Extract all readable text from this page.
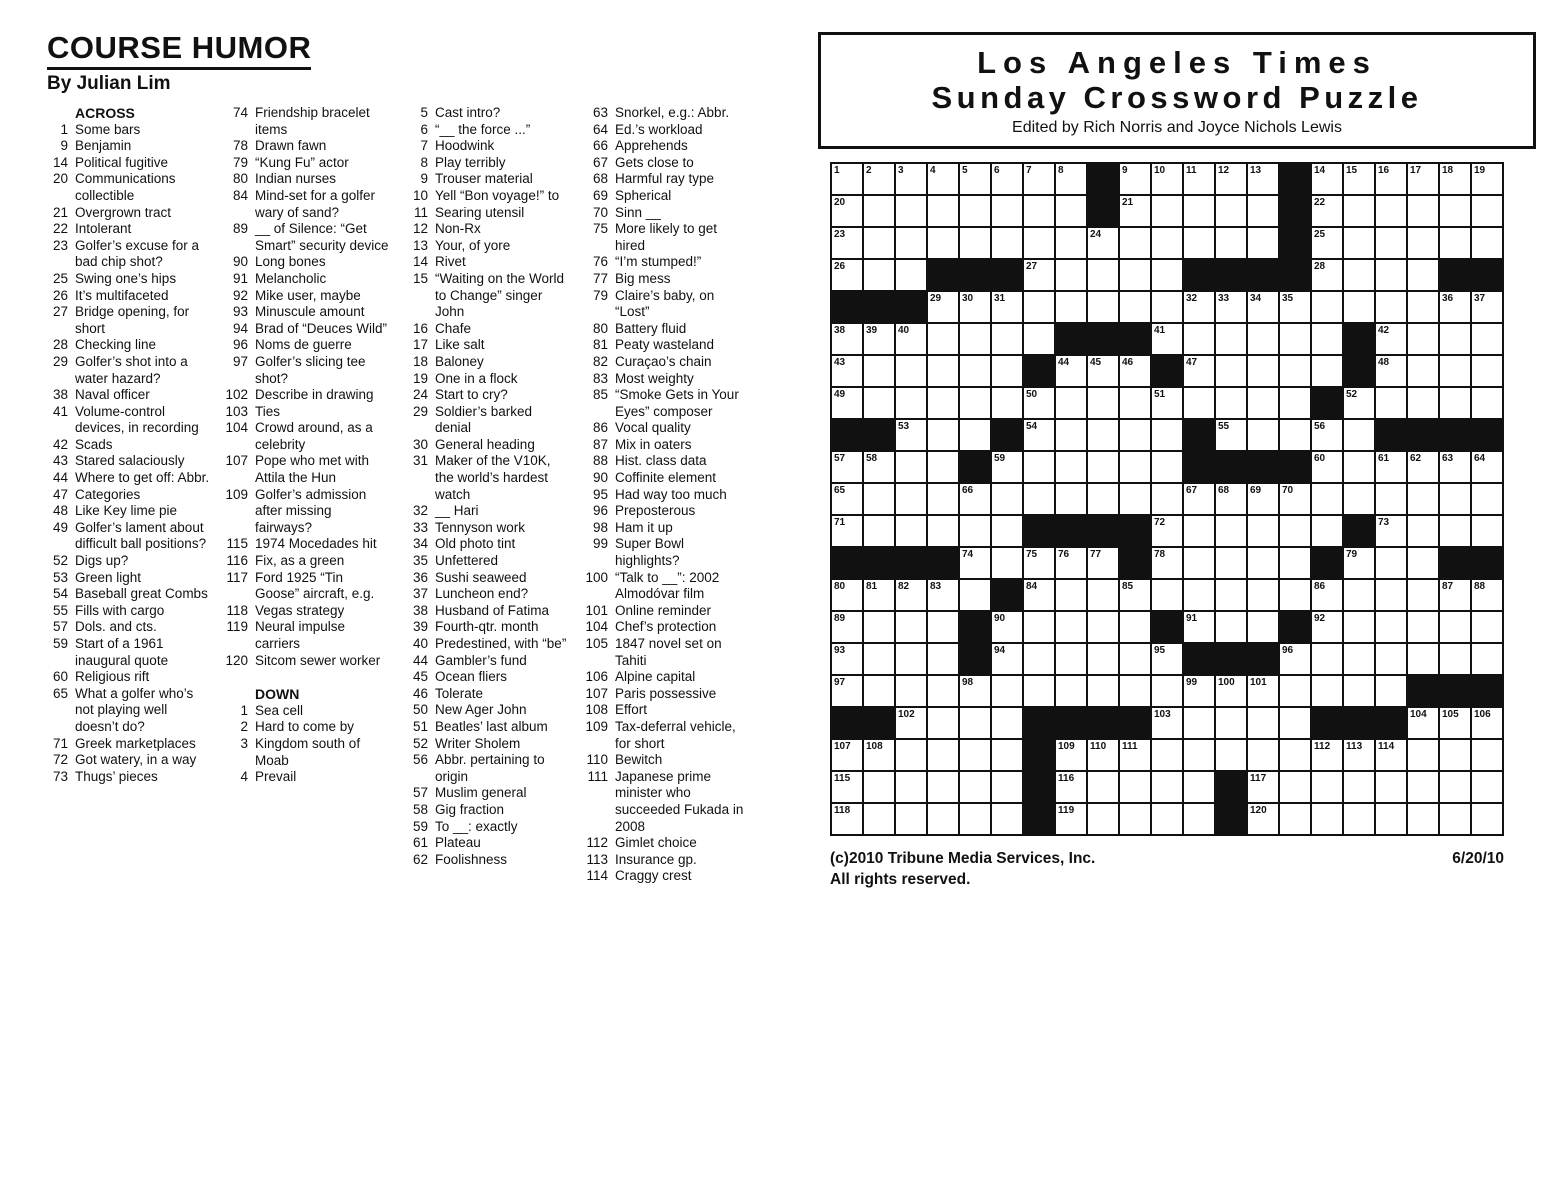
COURSE HUMOR
By Julian Lim
ACROSS
1 Some bars
9 Benjamin
14 Political fugitive
20 Communications collectible
21 Overgrown tract
22 Intolerant
23 Golfer’s excuse for a bad chip shot?
25 Swing one’s hips
26 It’s multifaceted
27 Bridge opening, for short
28 Checking line
29 Golfer’s shot into a water hazard?
38 Naval officer
41 Volume-control devices, in recording
42 Scads
43 Stared salaciously
44 Where to get off: Abbr.
47 Categories
48 Like Key lime pie
49 Golfer’s lament about difficult ball positions?
52 Digs up?
53 Green light
54 Baseball great Combs
55 Fills with cargo
57 Dols. and cts.
59 Start of a 1961 inaugural quote
60 Religious rift
65 What a golfer who’s not playing well doesn’t do?
71 Greek marketplaces
72 Got watery, in a way
73 Thugs’ pieces
74 Friendship bracelet items
78 Drawn fawn
79 “Kung Fu” actor
80 Indian nurses
84 Mind-set for a golfer wary of sand?
89 __ of Silence: “Get Smart” security device
90 Long bones
91 Melancholic
92 Mike user, maybe
93 Minuscule amount
94 Brad of “Deuces Wild”
96 Noms de guerre
97 Golfer’s slicing tee shot?
102 Describe in drawing
103 Ties
104 Crowd around, as a celebrity
107 Pope who met with Attila the Hun
109 Golfer’s admission after missing fairways?
115 1974 Mocedades hit
116 Fix, as a green
117 Ford 1925 “Tin Goose” aircraft, e.g.
118 Vegas strategy
119 Neural impulse carriers
120 Sitcom sewer worker
DOWN
1 Sea cell
2 Hard to come by
3 Kingdom south of Moab
4 Prevail
5 Cast intro?
6 “__ the force ...”
7 Hoodwink
8 Play terribly
9 Trouser material
10 Yell “Bon voyage!” to
11 Searing utensil
12 Non-Rx
13 Your, of yore
14 Rivet
15 “Waiting on the World to Change” singer John
16 Chafe
17 Like salt
18 Baloney
19 One in a flock
24 Start to cry?
29 Soldier’s barked denial
30 General heading
31 Maker of the V10K, the world’s hardest watch
32 __ Hari
33 Tennyson work
34 Old photo tint
35 Unfettered
36 Sushi seaweed
37 Luncheon end?
38 Husband of Fatima
39 Fourth-qtr. month
40 Predestined, with “be”
44 Gambler’s fund
45 Ocean fliers
46 Tolerate
50 New Ager John
51 Beatles’ last album
52 Writer Sholem
56 Abbr. pertaining to origin
57 Muslim general
58 Gig fraction
59 To __: exactly
61 Plateau
62 Foolishness
63 Snorkel, e.g.: Abbr.
64 Ed.’s workload
66 Apprehends
67 Gets close to
68 Harmful ray type
69 Spherical
70 Sinn __
75 More likely to get hired
76 “I’m stumped!”
77 Big mess
79 Claire’s baby, on “Lost”
80 Battery fluid
81 Peaty wasteland
82 Curaçao’s chain
83 Most weighty
85 “Smoke Gets in Your Eyes” composer
86 Vocal quality
87 Mix in oaters
88 Hist. class data
90 Coffinite element
95 Had way too much
96 Preposterous
98 Ham it up
99 Super Bowl highlights?
100 “Talk to __”: 2002 Almodóvar film
101 Online reminder
104 Chef’s protection
105 1847 novel set on Tahiti
106 Alpine capital
107 Paris possessive
108 Effort
109 Tax-deferral vehicle, for short
110 Bewitch
111 Japanese prime minister who succeeded Fukada in 2008
112 Gimlet choice
113 Insurance gp.
114 Craggy crest
Los Angeles Times
Sunday Crossword Puzzle
Edited by Rich Norris and Joyce Nichols Lewis
1	2	3	4	5	6	7	8	9	10 11 12 13	14 15 16 17 18 19
20	21	22
23	24	25
26	27	28
29 30 31	32 33 34 35	36 37
38 39 40	41	42
43	44 45 46	47	48
49	50	51	52
53	54	55	56
57 58	59	60	61 62 63 64
65	66	67 68 69 70
71	72	73
74	75 76 77	78	79
80 81 82 83	84	85	86	87 88
89	90	91	92
93	94	95	96
97	98	99 100 101
102	103	104 105 106
107 108	109 110 111	112 113 114
115	116	117
118	119	120
(c)2010 Tribune Media Services, Inc.
All rights reserved.
6/20/10
